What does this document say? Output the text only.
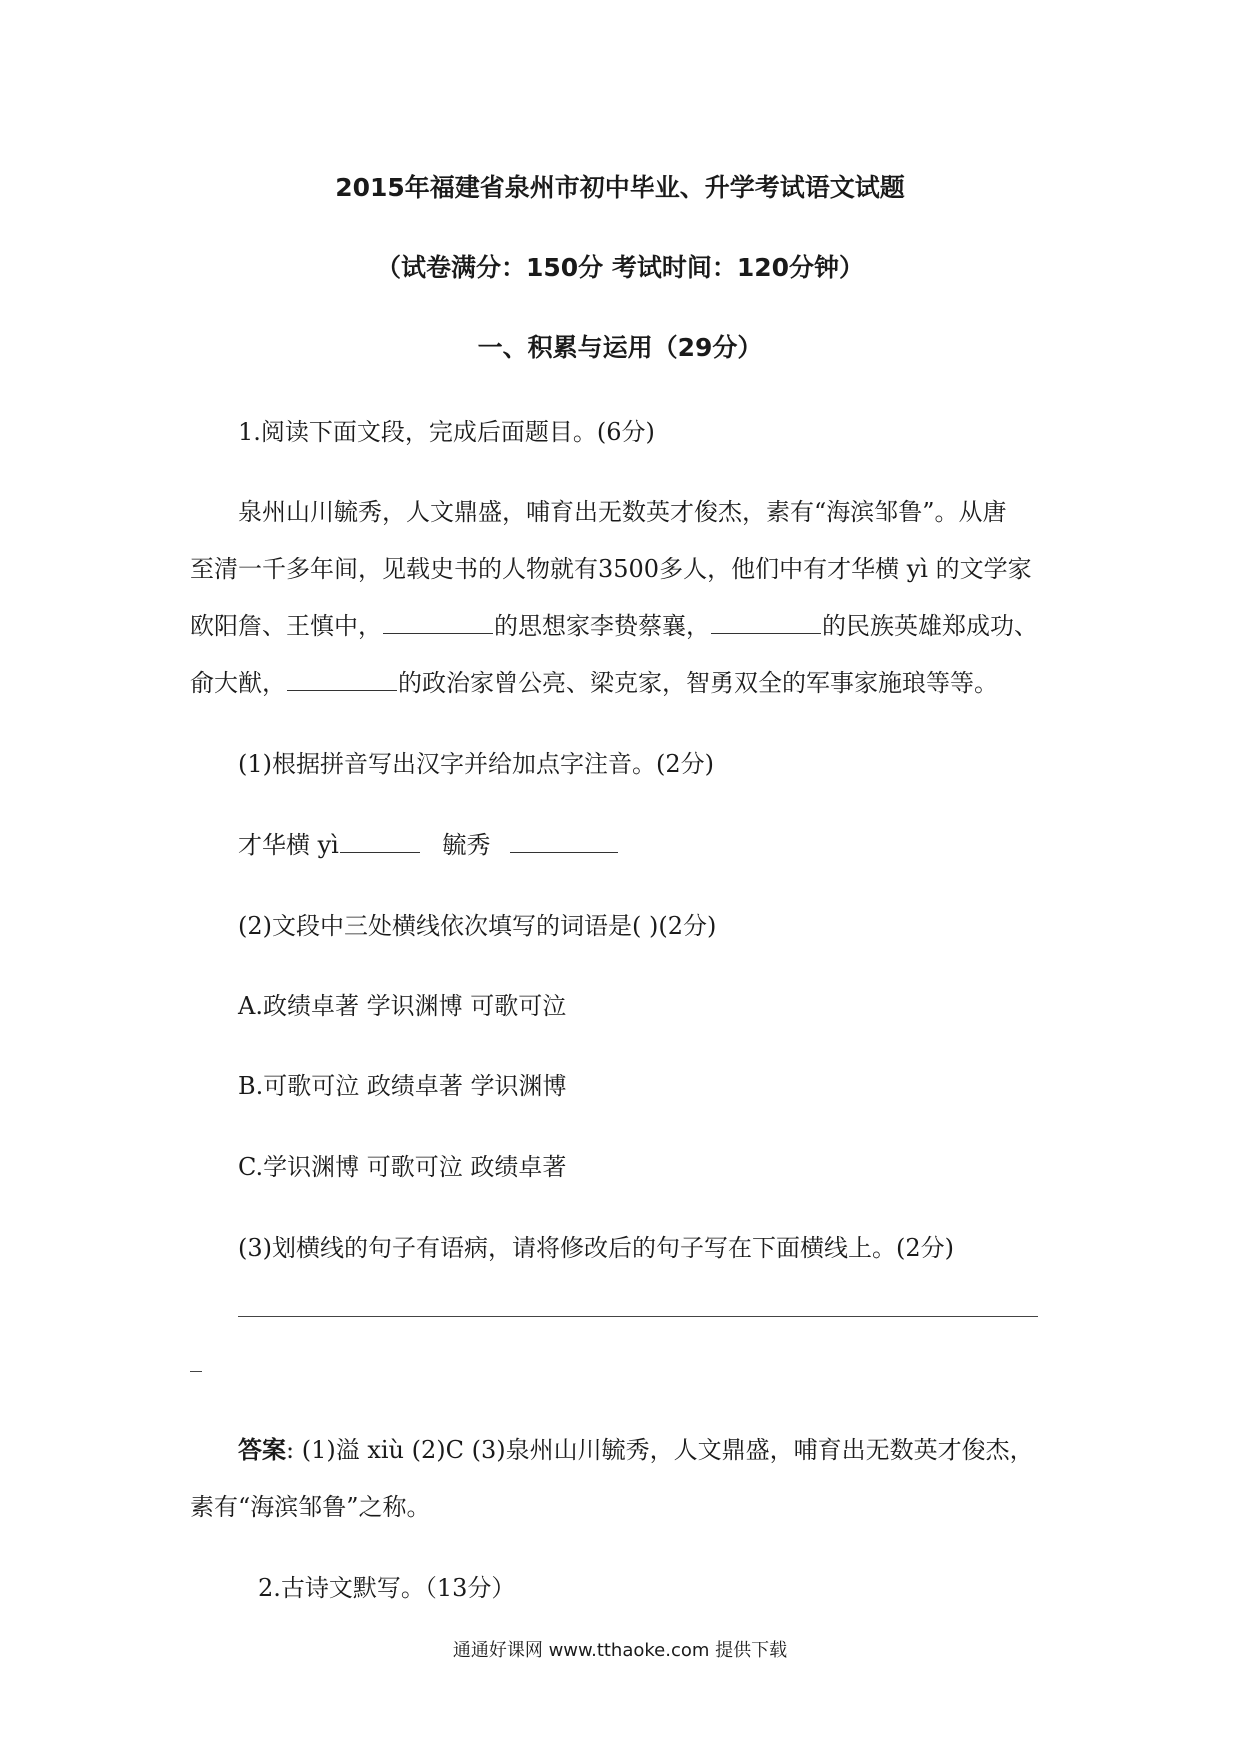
2015年福建省泉州市初中毕业、升学考试语文试题
（试卷满分：150分 考试时间：120分钟）
一、积累与运用（29分）
1.阅读下面文段，完成后面题目。(6分)
泉州山川毓秀，人文鼎盛，哺育出无数英才俊杰，素有“海滨邹鲁”。从唐
至清一千多年间，见载史书的人物就有3500多人，他们中有才华横 yì 的文学家
欧阳詹、王慎中，	的思想家李贽蔡襄，	的民族英雄郑成功、
俞大猷，	的政治家曾公亮、梁克家，智勇双全的军事家施琅等等。
(1)根据拼音写出汉字并给加点字注音。(2分)
才华横 yì	毓秀
(2)文段中三处横线依次填写的词语是( )(2分)
A.政绩卓著 学识渊博 可歌可泣
B.可歌可泣 政绩卓著 学识渊博
C.学识渊博 可歌可泣 政绩卓著
(3)划横线的句子有语病，请将修改后的句子写在下面横线上。(2分)
答案: (1)溢 xiù (2)C (3)泉州山川毓秀，人文鼎盛，哺育出无数英才俊杰，
素有“海滨邹鲁”之称。
2.古诗文默写。（13分）
通通好课网 www.tthaoke.com 提供下载
